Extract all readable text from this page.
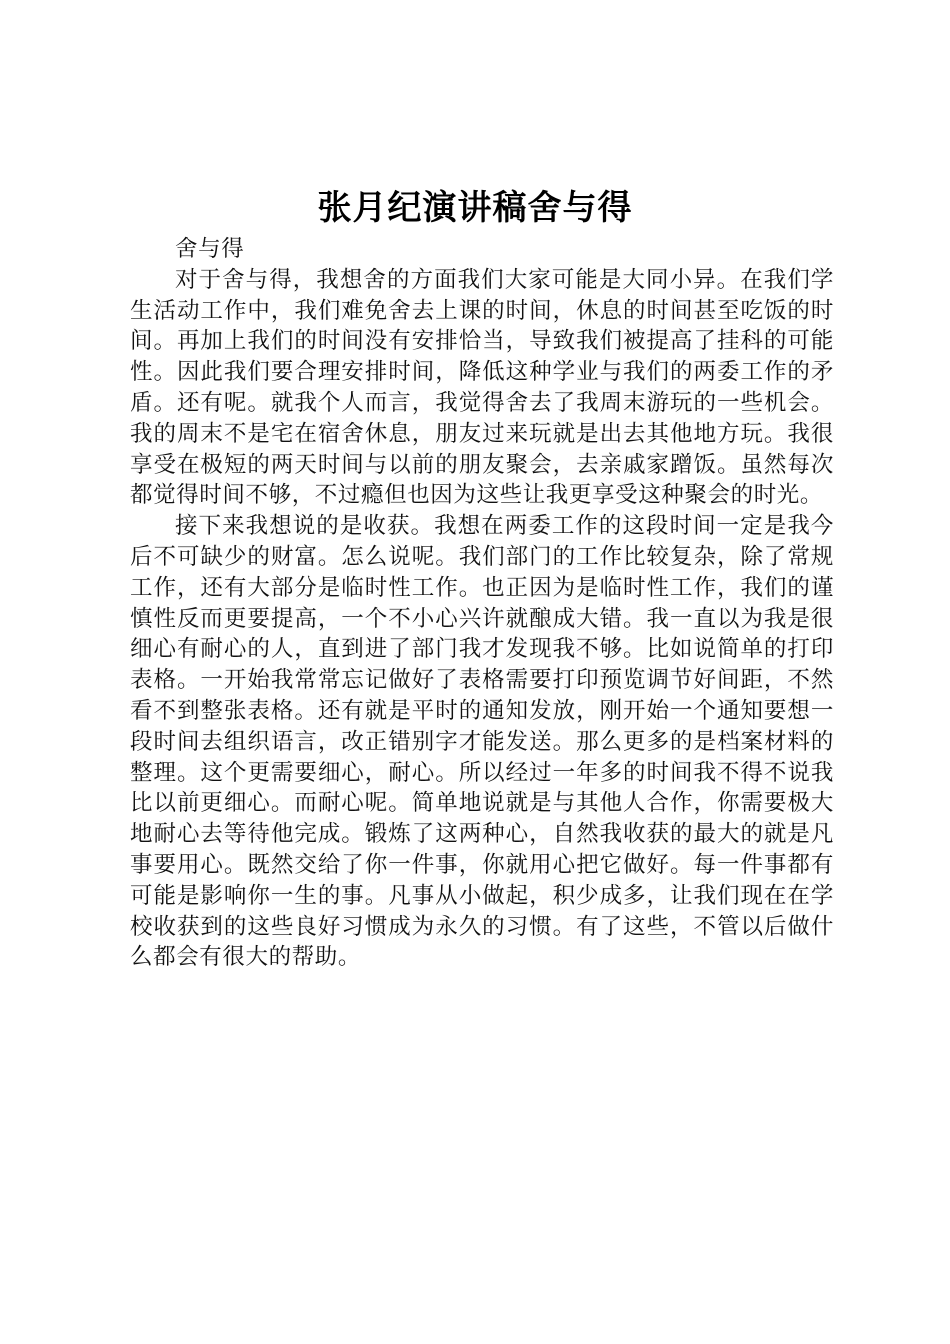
张月纪演讲稿舍与得

舍与得

对于舍与得，我想舍的方面我们大家可能是大同小异。在我们学生活动工作中，我们难免舍去上课的时间，休息的时间甚至吃饭的时间。再加上我们的时间没有安排恰当，导致我们被提高了挂科的可能性。因此我们要合理安排时间，降低这种学业与我们的两委工作的矛盾。还有呢。就我个人而言，我觉得舍去了我周末游玩的一些机会。我的周末不是宅在宿舍休息，朋友过来玩就是出去其他地方玩。我很享受在极短的两天时间与以前的朋友聚会，去亲戚家蹭饭。虽然每次都觉得时间不够，不过瘾但也因为这些让我更享受这种聚会的时光。

接下来我想说的是收获。我想在两委工作的这段时间一定是我今后不可缺少的财富。怎么说呢。我们部门的工作比较复杂，除了常规工作，还有大部分是临时性工作。也正因为是临时性工作，我们的谨慎性反而更要提高，一个不小心兴许就酿成大错。我一直以为我是很细心有耐心的人，直到进了部门我才发现我不够。比如说简单的打印表格。一开始我常常忘记做好了表格需要打印预览调节好间距，不然看不到整张表格。还有就是平时的通知发放，刚开始一个通知要想一段时间去组织语言，改正错别字才能发送。那么更多的是档案材料的整理。这个更需要细心，耐心。所以经过一年多的时间我不得不说我比以前更细心。而耐心呢。简单地说就是与其他人合作，你需要极大地耐心去等待他完成。锻炼了这两种心，自然我收获的最大的就是凡事要用心。既然交给了你一件事，你就用心把它做好。每一件事都有可能是影响你一生的事。凡事从小做起，积少成多，让我们现在在学校收获到的这些良好习惯成为永久的习惯。有了这些，不管以后做什么都会有很大的帮助。
